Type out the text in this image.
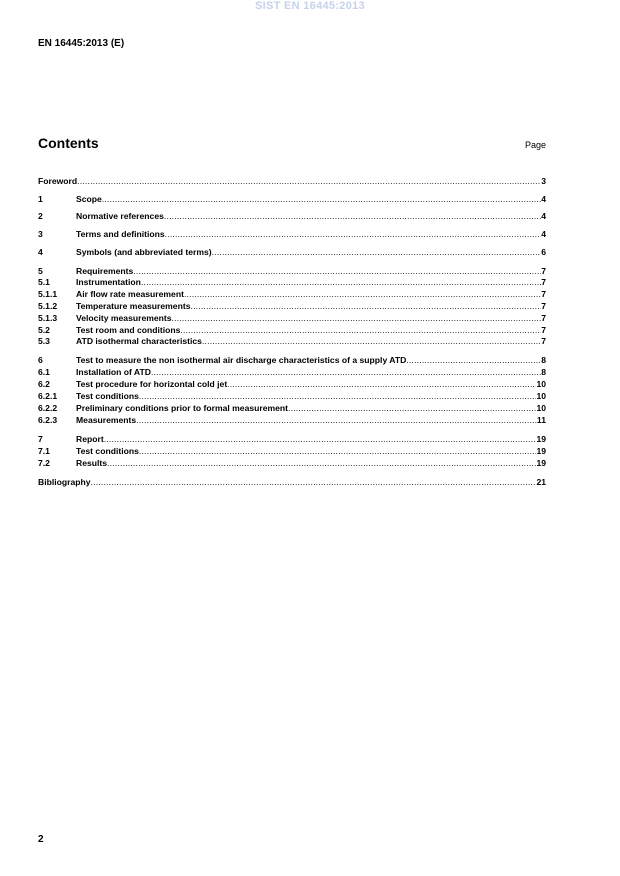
SIST EN 16445:2013
EN 16445:2013 (E)
Contents	Page
Foreword .....	3
1	Scope .....	4
2	Normative references .....	4
3	Terms and definitions .....	4
4	Symbols (and abbreviated terms) .....	6
5	Requirements .....	7
5.1	Instrumentation .....	7
5.1.1	Air flow rate measurement .....	7
5.1.2	Temperature measurements .....	7
5.1.3	Velocity measurements .....	7
5.2	Test room and conditions .....	7
5.3	ATD isothermal characteristics .....	7
6	Test to measure the non isothermal air discharge characteristics of a supply ATD .....	8
6.1	Installation of ATD .....	8
6.2	Test procedure for horizontal cold jet .....	10
6.2.1	Test conditions .....	10
6.2.2	Preliminary conditions prior to formal measurement .....	10
6.2.3	Measurements .....	11
7	Report .....	19
7.1	Test conditions .....	19
7.2	Results .....	19
Bibliography .....	21
2
